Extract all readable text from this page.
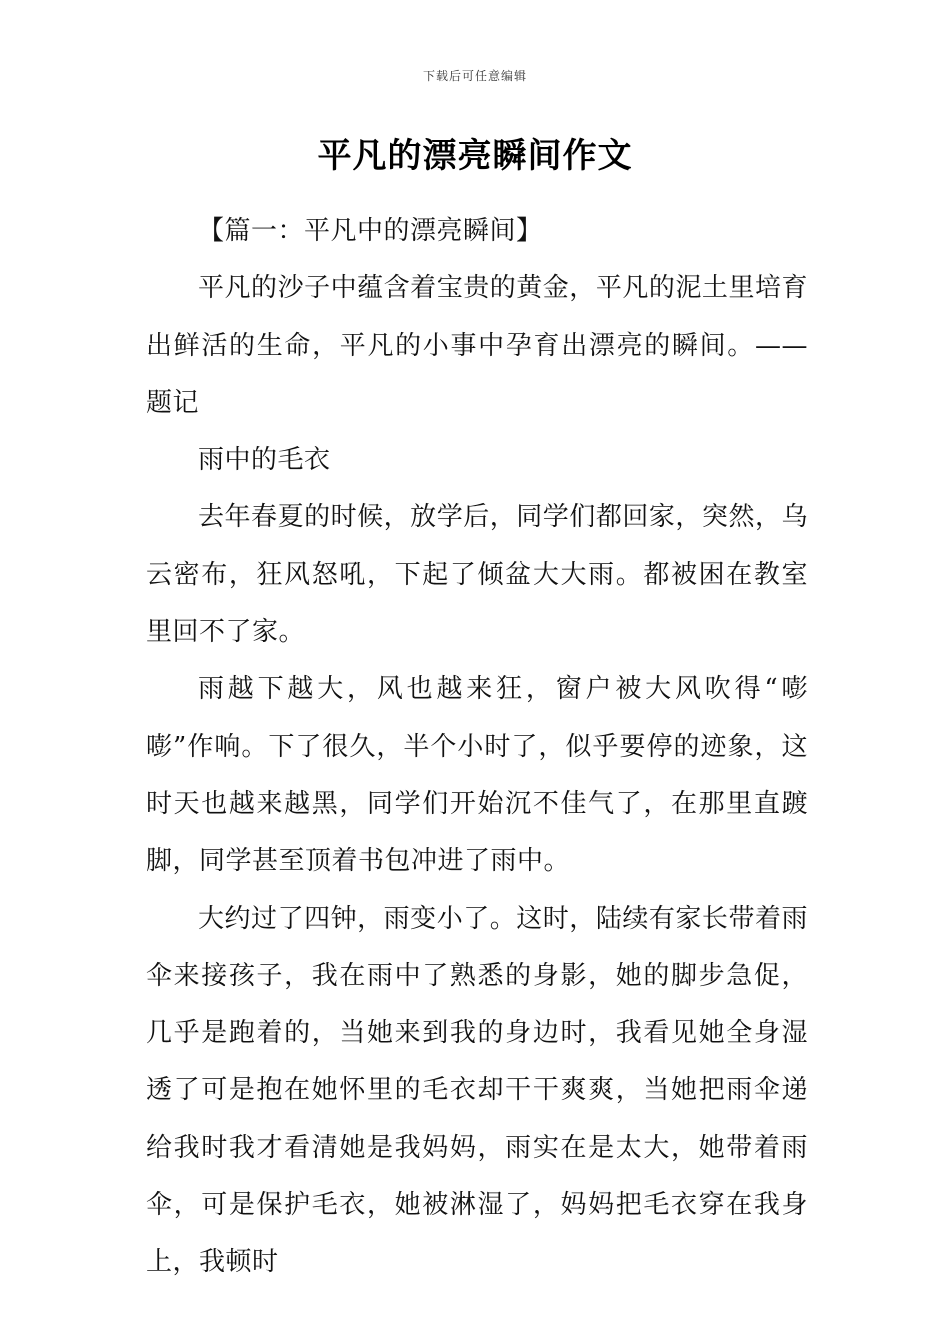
下载后可任意编辑
平凡的漂亮瞬间作文

【篇一：平凡中的漂亮瞬间】

平凡的沙子中蕴含着宝贵的黄金，平凡的泥土里培育出鲜活的生命，平凡的小事中孕育出漂亮的瞬间。——题记

雨中的毛衣

去年春夏的时候，放学后，同学们都回家，突然，乌云密布，狂风怒吼，下起了倾盆大大雨。都被困在教室里回不了家。

雨越下越大，风也越来狂，窗户被大风吹得“嘭嘭”作响。下了很久，半个小时了，似乎要停的迹象，这时天也越来越黑，同学们开始沉不佳气了，在那里直踱脚，同学甚至顶着书包冲进了雨中。

大约过了四钟，雨变小了。这时，陆续有家长带着雨伞来接孩子，我在雨中了熟悉的身影，她的脚步急促，几乎是跑着的，当她来到我的身边时，我看见她全身湿透了可是抱在她怀里的毛衣却干干爽爽，当她把雨伞递给我时我才看清她是我妈妈，雨实在是太大，她带着雨伞，可是保护毛衣，她被淋湿了，妈妈把毛衣穿在我身上，我顿时
